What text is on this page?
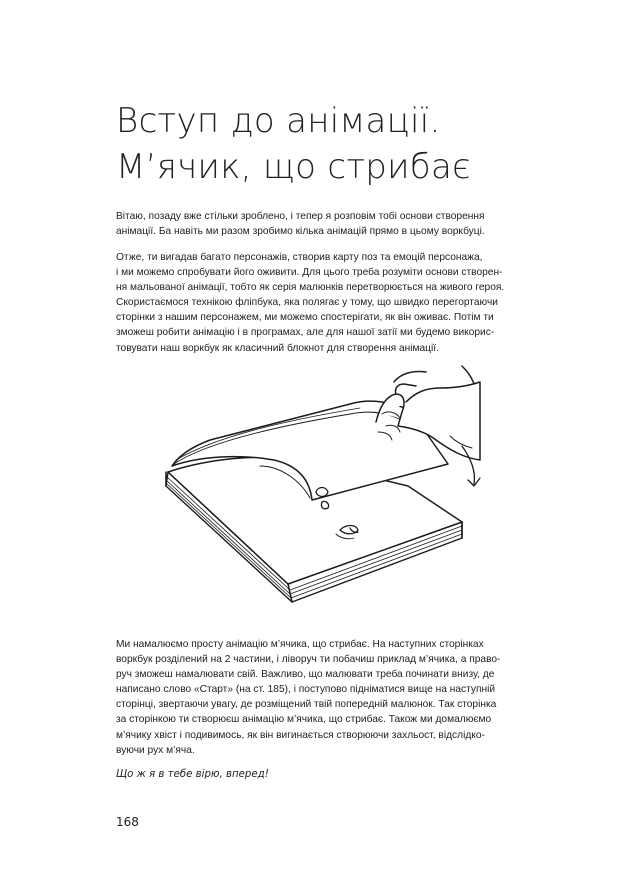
Вступ до анімації.
М’ячик, що стрибає
Вітаю, позаду вже стільки зроблено, і тепер я розповім тобі основи створення
анімації. Ба навіть ми разом зробимо кілька анімацій прямо в цьому воркбуці.
Отже, ти вигадав багато персонажів, створив карту поз та емоцій персонажа,
і ми можемо спробувати його оживити. Для цього треба розуміти основи створен-
ня мальованої анімації, тобто як серія малюнків перетворюється на живого героя.
Скористаємося технікою фліпбука, яка полягає у тому, що швидко перегортаючи
сторінки з нашим персонажем, ми можемо спостерігати, як він оживає. Потім ти
зможеш робити анімацію і в програмах, але для нашої затії ми будемо викорис-
товувати наш воркбук як класичний блокнот для створення анімації.
Ми намалюємо просту анімацію м’ячика, що стрибає. На наступних сторінках
воркбук розділений на 2 частини, і ліворуч ти побачиш приклад м’ячика, а право-
руч зможеш намалювати свій. Важливо, що малювати треба починати внизу, де
написано слово «Старт» (на ст. 185), і поступово підніматися вище на наступній
сторінці, звертаючи увагу, де розміщений твій попередній малюнок. Так сторінка
за сторінкою ти створюєш анімацію м’ячика, що стрибає. Також ми домалюємо
м’ячику хвіст і подивимось, як він вигинається створюючи захльост, відслідко-
вуючи рух м’яча.
Що ж я в тебе вірю, вперед!
168
